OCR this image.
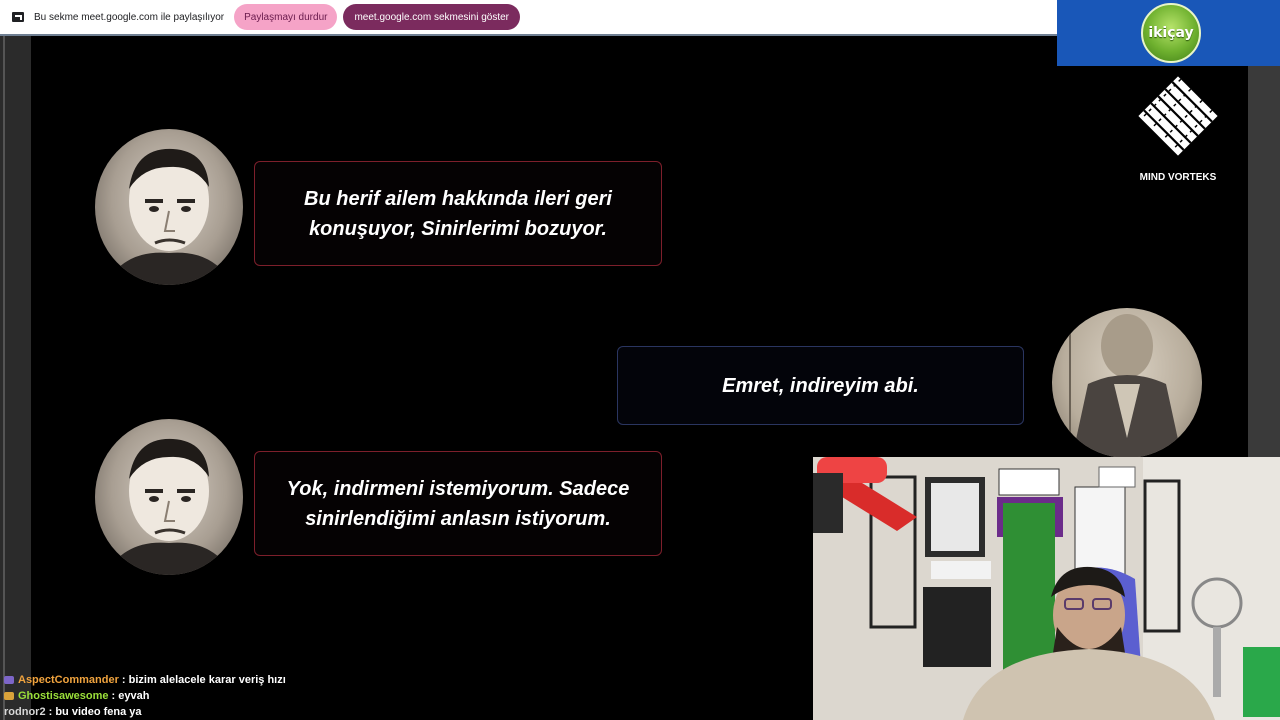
Bu sekme meet.google.com ile paylaşılıyor	Paylaşmayı durdur	meet.google.com sekmesini göster
ikiçay
MIND VORTEKS

Bu herif ailem hakkında ileri geri
konuşuyor, Sinirlerimi bozuyor.

Emret, indireyim abi.

Yok, indirmeni istemiyorum. Sadece
sinirlendiğimi anlasın istiyorum.

AspectCommander : bizim alelacele karar veriş hızı
Ghostisawesome : eyvah
rodnor2 : bu video fena ya
